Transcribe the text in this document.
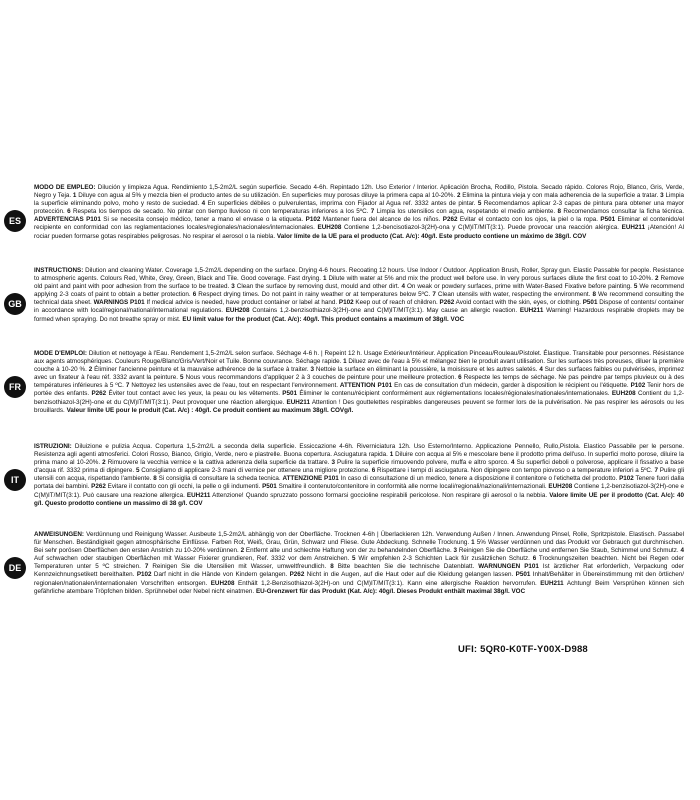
ES
MODO DE EMPLEO: Dilución y limpieza Agua. Rendimiento 1,5-2m2/L según superficie. Secado 4-6h. Repintado 12h. Uso Exterior / Interior. Aplicación Brocha, Rodillo, Pistola. Secado rápido. Colores Rojo, Blanco, Gris, Verde, Negro y Teja. 1 Diluye con agua al 5% y mezcla bien el producto antes de su utilización. En superficies muy porosas diluye la primera capa al 10-20%. 2 Elimina la pintura vieja y con mala adherencia de la superficie a tratar. 3 Limpia la superficie eliminando polvo, moho y resto de suciedad. 4 En superficies débiles o pulverulentas, imprima con Fijador al Agua ref. 3332 antes de pintar. 5 Recomendamos aplicar 2-3 capas de pintura para obtener una mayor protección. 6 Respeta los tiempos de secado. No pintar con tiempo lluvioso ni con temperaturas inferiores a los 5ºC. 7 Limpia los utensilios con agua, respetando el medio ambiente. 8 Recomendamos consultar la ficha técnica. ADVERTENCIAS P101 Si se necesita consejo médico, tener a mano el envase o la etiqueta. P102 Mantener fuera del alcance de los niños. P262 Evitar el contacto con los ojos, la piel o la ropa. P501 Eliminar el contenido/el recipiente en conformidad con las reglamentaciones locales/regionales/nacionales/internacionales. EUH208 Contiene 1,2-bencisotiazol-3(2H)-ona y C(M)IT/MIT(3:1). Puede provocar una reacción alérgica. EUH211 ¡Atención! Al rociar pueden formarse gotas respirables peligrosas. No respirar el aerosol o la niebla. Valor límite de la UE para el producto (Cat. A/c): 40g/l. Este producto contiene un máximo de 38g/l. COV
GB
INSTRUCTIONS: Dilution and cleaning Water. Coverage 1,5-2m2/L depending on the surface. Drying 4-6 hours. Recoating 12 hours. Use Indoor / Outdoor. Application Brush, Roller, Spray gun. Elastic Passable for people. Resistance to atmospheric agents. Colours Red, White, Grey, Green, Black and Tile. Good coverage. Fast drying. 1 Dilute with water at 5% and mix the product well before use. In very porous surfaces dilute the first coat to 10-20%. 2 Remove old paint and paint with poor adhesion from the surface to be treated. 3 Clean the surface by removing dust, mould and other dirt. 4 On weak or powdery surfaces, prime with Water-Based Fixative before painting. 5 We recommend applying 2-3 coats of paint to obtain a better protection. 6 Respect drying times. Do not paint in rainy weather or at temperatures below 5ºC. 7 Clean utensils with water, respecting the environment. 8 We recommend consulting the technical data sheet. WARNINGS P101 If medical advice is needed, have product container or label at hand. P102 Keep out of reach of children. P262 Avoid contact with the skin, eyes, or clothing. P501 Dispose of contents/ container in accordance with local/regional/national/international regulations. EUH208 Contains 1,2-benzisothiazol-3(2H)-one and C(M)IT/MIT(3:1). May cause an allergic reaction. EUH211 Warning! Hazardous respirable droplets may be formed when spraying. Do not breathe spray or mist. EU limit value for the product (Cat. A/c): 40g/l. This product contains a maximum of 38g/l. VOC
FR
MODE D'EMPLOI: Dilution et nettoyage à l'Eau. Rendement 1,5-2m2/L selon surface. Séchage 4-6 h. | Repeint 12 h. Usage Extérieur/Intérieur. Application Pinceau/Rouleau/Pistolet. Élastique. Transitable pour personnes. Résistance aux agents atmosphériques. Couleurs Rouge/Blanc/Gris/Vert/Noir et Tuile. Bonne couvrance. Séchage rapide. 1 Diluez avec de l'eau à 5% et mélangez bien le produit avant utilisation. Sur les surfaces très poreuses, diluer la première couche à 10-20 %. 2 Éliminer l'ancienne peinture et la mauvaise adhérence de la surface à traiter. 3 Nettoie la surface en éliminant la poussière, la moisissure et les autres saletés. 4 Sur des surfaces faibles ou pulvérisées, imprimez avec un fixateur à l'eau réf. 3332 avant la peinture. 5 Nous vous recommandons d'appliquer 2 à 3 couches de peinture pour une meilleure protection. 6 Respecte les temps de séchage. Ne pas peindre par temps pluvieux ou à des températures inférieures à 5 ºC. 7 Nettoyez les ustensiles avec de l'eau, tout en respectant l'environnement. ATTENTION P101 En cas de consultation d'un médecin, garder à disposition le récipient ou l'étiquette. P102 Tenir hors de portée des enfants. P262 Éviter tout contact avec les yeux, la peau ou les vêtements. P501 Éliminer le contenu/récipient conformément aux réglementations locales/régionales/nationales/internationales. EUH208 Contient du 1,2-benzisothiazol-3(2H)-one et du C(M)IT/MIT(3:1). Peut provoquer une réaction allergique. EUH211 Attention ! Des gouttelettes respirables dangereuses peuvent se former lors de la pulvérisation. Ne pas respirer les aérosols ou les brouillards. Valeur limite UE pour le produit (Cat. A/c) : 40g/l. Ce produit contient au maximum 38g/l. COVg/l.
IT
ISTRUZIONI: Diluizione e pulizia Acqua. Copertura 1,5-2m2/L a seconda della superficie. Essiccazione 4-6h. Riverniciatura 12h. Uso Esterno/Interno. Applicazione Pennello, Rullo,Pistola. Elastico Passabile per le persone. Resistenza agli agenti atmosferici. Colori Rosso, Bianco, Grigio, Verde, nero e piastrelle. Buona copertura. Asciugatura rapida. 1 Diluire con acqua al 5% e mescolare bene il prodotto prima dell'uso. In superfici molto porose, diluire la prima mano al 10-20%. 2 Rimuovere la vecchia vernice e la cattiva aderenza della superficie da trattare. 3 Pulire la superficie rimuovendo polvere, muffa e altro sporco. 4 Su superfici deboli o polverose, applicare il fissativo a base d'acqua rif. 3332 prima di dipingere. 5 Consigliamo di applicare 2-3 mani di vernice per ottenere una migliore protezione. 6 Rispettare i tempi di asciugatura. Non dipingere con tempo piovoso o a temperature inferiori a 5ºC. 7 Pulire gli utensili con acqua, rispettando l'ambiente. 8 Si consiglia di consultare la scheda tecnica. ATTENZIONE P101 In caso di consultazione di un medico, tenere a disposizione il contenitore o l'etichetta del prodotto. P102 Tenere fuori dalla portata dei bambini. P262 Evitare il contatto con gli occhi, la pelle o gli indumenti. P501 Smaltire il contenuto/contenitore in conformità alle norme locali/regionali/nazionali/internazionali. EUH208 Contiene 1,2-benzisotiazol-3(2H)-one e C(M)IT/MIT(3:1). Può causare una reazione allergica. EUH211 Attenzione! Quando spruzzato possono formarsi goccioline respirabili pericolose. Non respirare gli aerosol o la nebbia. Valore limite UE per il prodotto (Cat. A/c): 40 g/l. Questo prodotto contiene un massimo di 38 g/l. COV
DE
ANWEISUNGEN: Verdünnung und Reinigung Wasser. Ausbeute 1,5-2m2/L abhängig von der Oberfläche. Trocknen 4-6h | Überlackieren 12h. Verwendung Außen / Innen. Anwendung Pinsel, Rolle, Spritzpistole. Elastisch. Passabel für Menschen. Beständigkeit gegen atmosphärische Einflüsse. Farben Rot, Weiß, Grau, Grün, Schwarz und Fliese. Gute Abdeckung. Schnelle Trocknung. 1 5% Wasser verdünnen und das Produkt vor Gebrauch gut durchmischen. Bei sehr porösen Oberflächen den ersten Anstrich zu 10-20% verdünnen. 2 Entfernt alte und schlechte Haftung von der zu behandelnden Oberfläche. 3 Reinigen Sie die Oberfläche und entfernen Sie Staub, Schimmel und Schmutz. 4 Auf schwachen oder staubigen Oberflächen mit Wasser Fixierer grundieren, Ref. 3332 vor dem Anstreichen. 5 Wir empfehlen 2-3 Schichten Lack für zusätzlichen Schutz. 6 Trocknungszeiten beachten. Nicht bei Regen oder Temperaturen unter 5 ºC streichen. 7 Reinigen Sie die Utensilien mit Wasser, umweltfreundlich. 8 Bitte beachten Sie die technische Datenblatt. WARNUNGEN P101 Ist ärztlicher Rat erforderlich, Verpackung oder Kennzeichnungsetikett bereithalten. P102 Darf nicht in die Hände von Kindern gelangen. P262 Nicht in die Augen, auf die Haut oder auf die Kleidung gelangen lassen. P501 Inhalt/Behälter in Übereinstimmung mit den örtlichen/ regionalen/nationalen/internationalen Vorschriften entsorgen. EUH208 Enthält 1,2-Benzisothiazol-3(2H)-on und C(M)IT/MIT(3:1). Kann eine allergische Reaktion hervorrufen. EUH211 Achtung! Beim Versprühen können sich gefährliche atembare Tröpfchen bilden. Sprühnebel oder Nebel nicht einatmen. EU-Grenzwert für das Produkt (Kat. A/c): 40g/l. Dieses Produkt enthält maximal 38g/l. VOC
UFI: 5QR0-K0TF-Y00X-D988
